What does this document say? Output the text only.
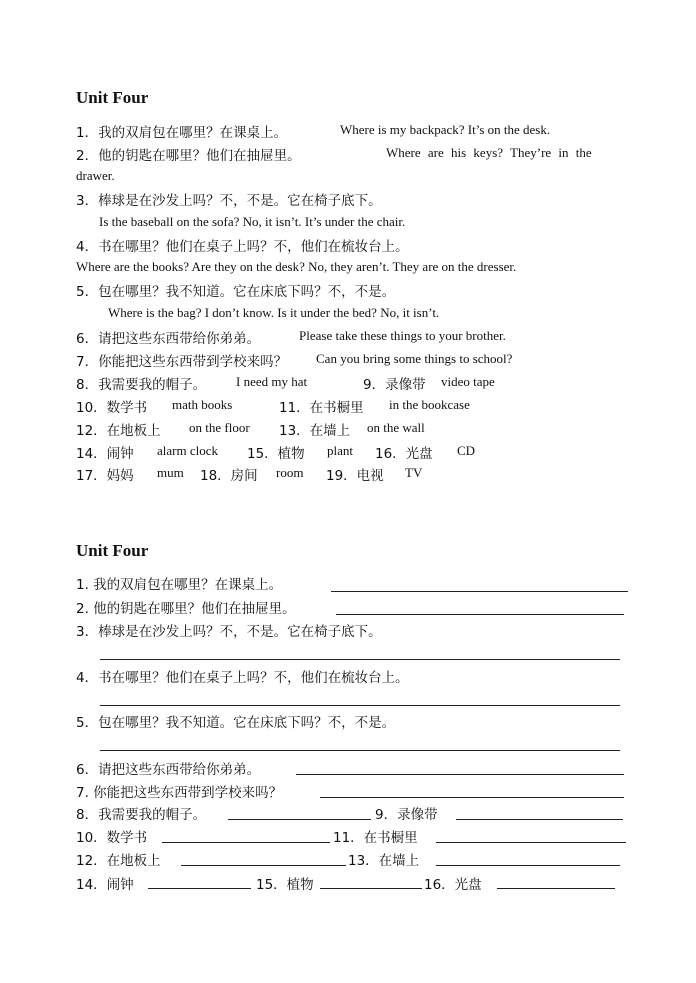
Unit Four
1．我的双肩包在哪里？在课桌上。	Where is my backpack? It’s on the desk.
2．他的钥匙在哪里？他们在抽屉里。	Where are his keys? They’re in the
drawer.
3．棒球是在沙发上吗？不，不是。它在椅子底下。
Is the baseball on the sofa? No, it isn’t. It’s under the chair.
4．书在哪里？他们在桌子上吗？不，他们在梳妆台上。
Where are the books? Are they on the desk? No, they aren’t. They are on the dresser.
5．包在哪里？我不知道。它在床底下吗？不，不是。
Where is the bag? I don’t know. Is it under the bed? No, it isn’t.
6．请把这些东西带给你弟弟。	Please take these things to your brother.
7．你能把这些东西带到学校来吗？ Can you bring some things to school?
8．我需要我的帽子。 I need my hat	9．录像带 video tape
10．数学书 math books	11．在书橱里 in the bookcase
12．在地板上 on the floor 13．在墙上 on the wall
14．闹钟 alarm clock 15．植物 plant 16．光盘 CD
17．妈妈 mum 18．房间 room 19．电视 TV
Unit Four
1. 我的双肩包在哪里？在课桌上。
2. 他的钥匙在哪里？他们在抽屉里。
3．棒球是在沙发上吗？不，不是。它在椅子底下。
4．书在哪里？他们在桌子上吗？不，他们在梳妆台上。
5．包在哪里？我不知道。它在床底下吗？不，不是。
6．请把这些东西带给你弟弟。
7. 你能把这些东西带到学校来吗？
8．我需要我的帽子。	9．录像带
10．数学书	11．在书橱里
12．在地板上	13．在墙上
14．闹钟	15．植物	16．光盘
